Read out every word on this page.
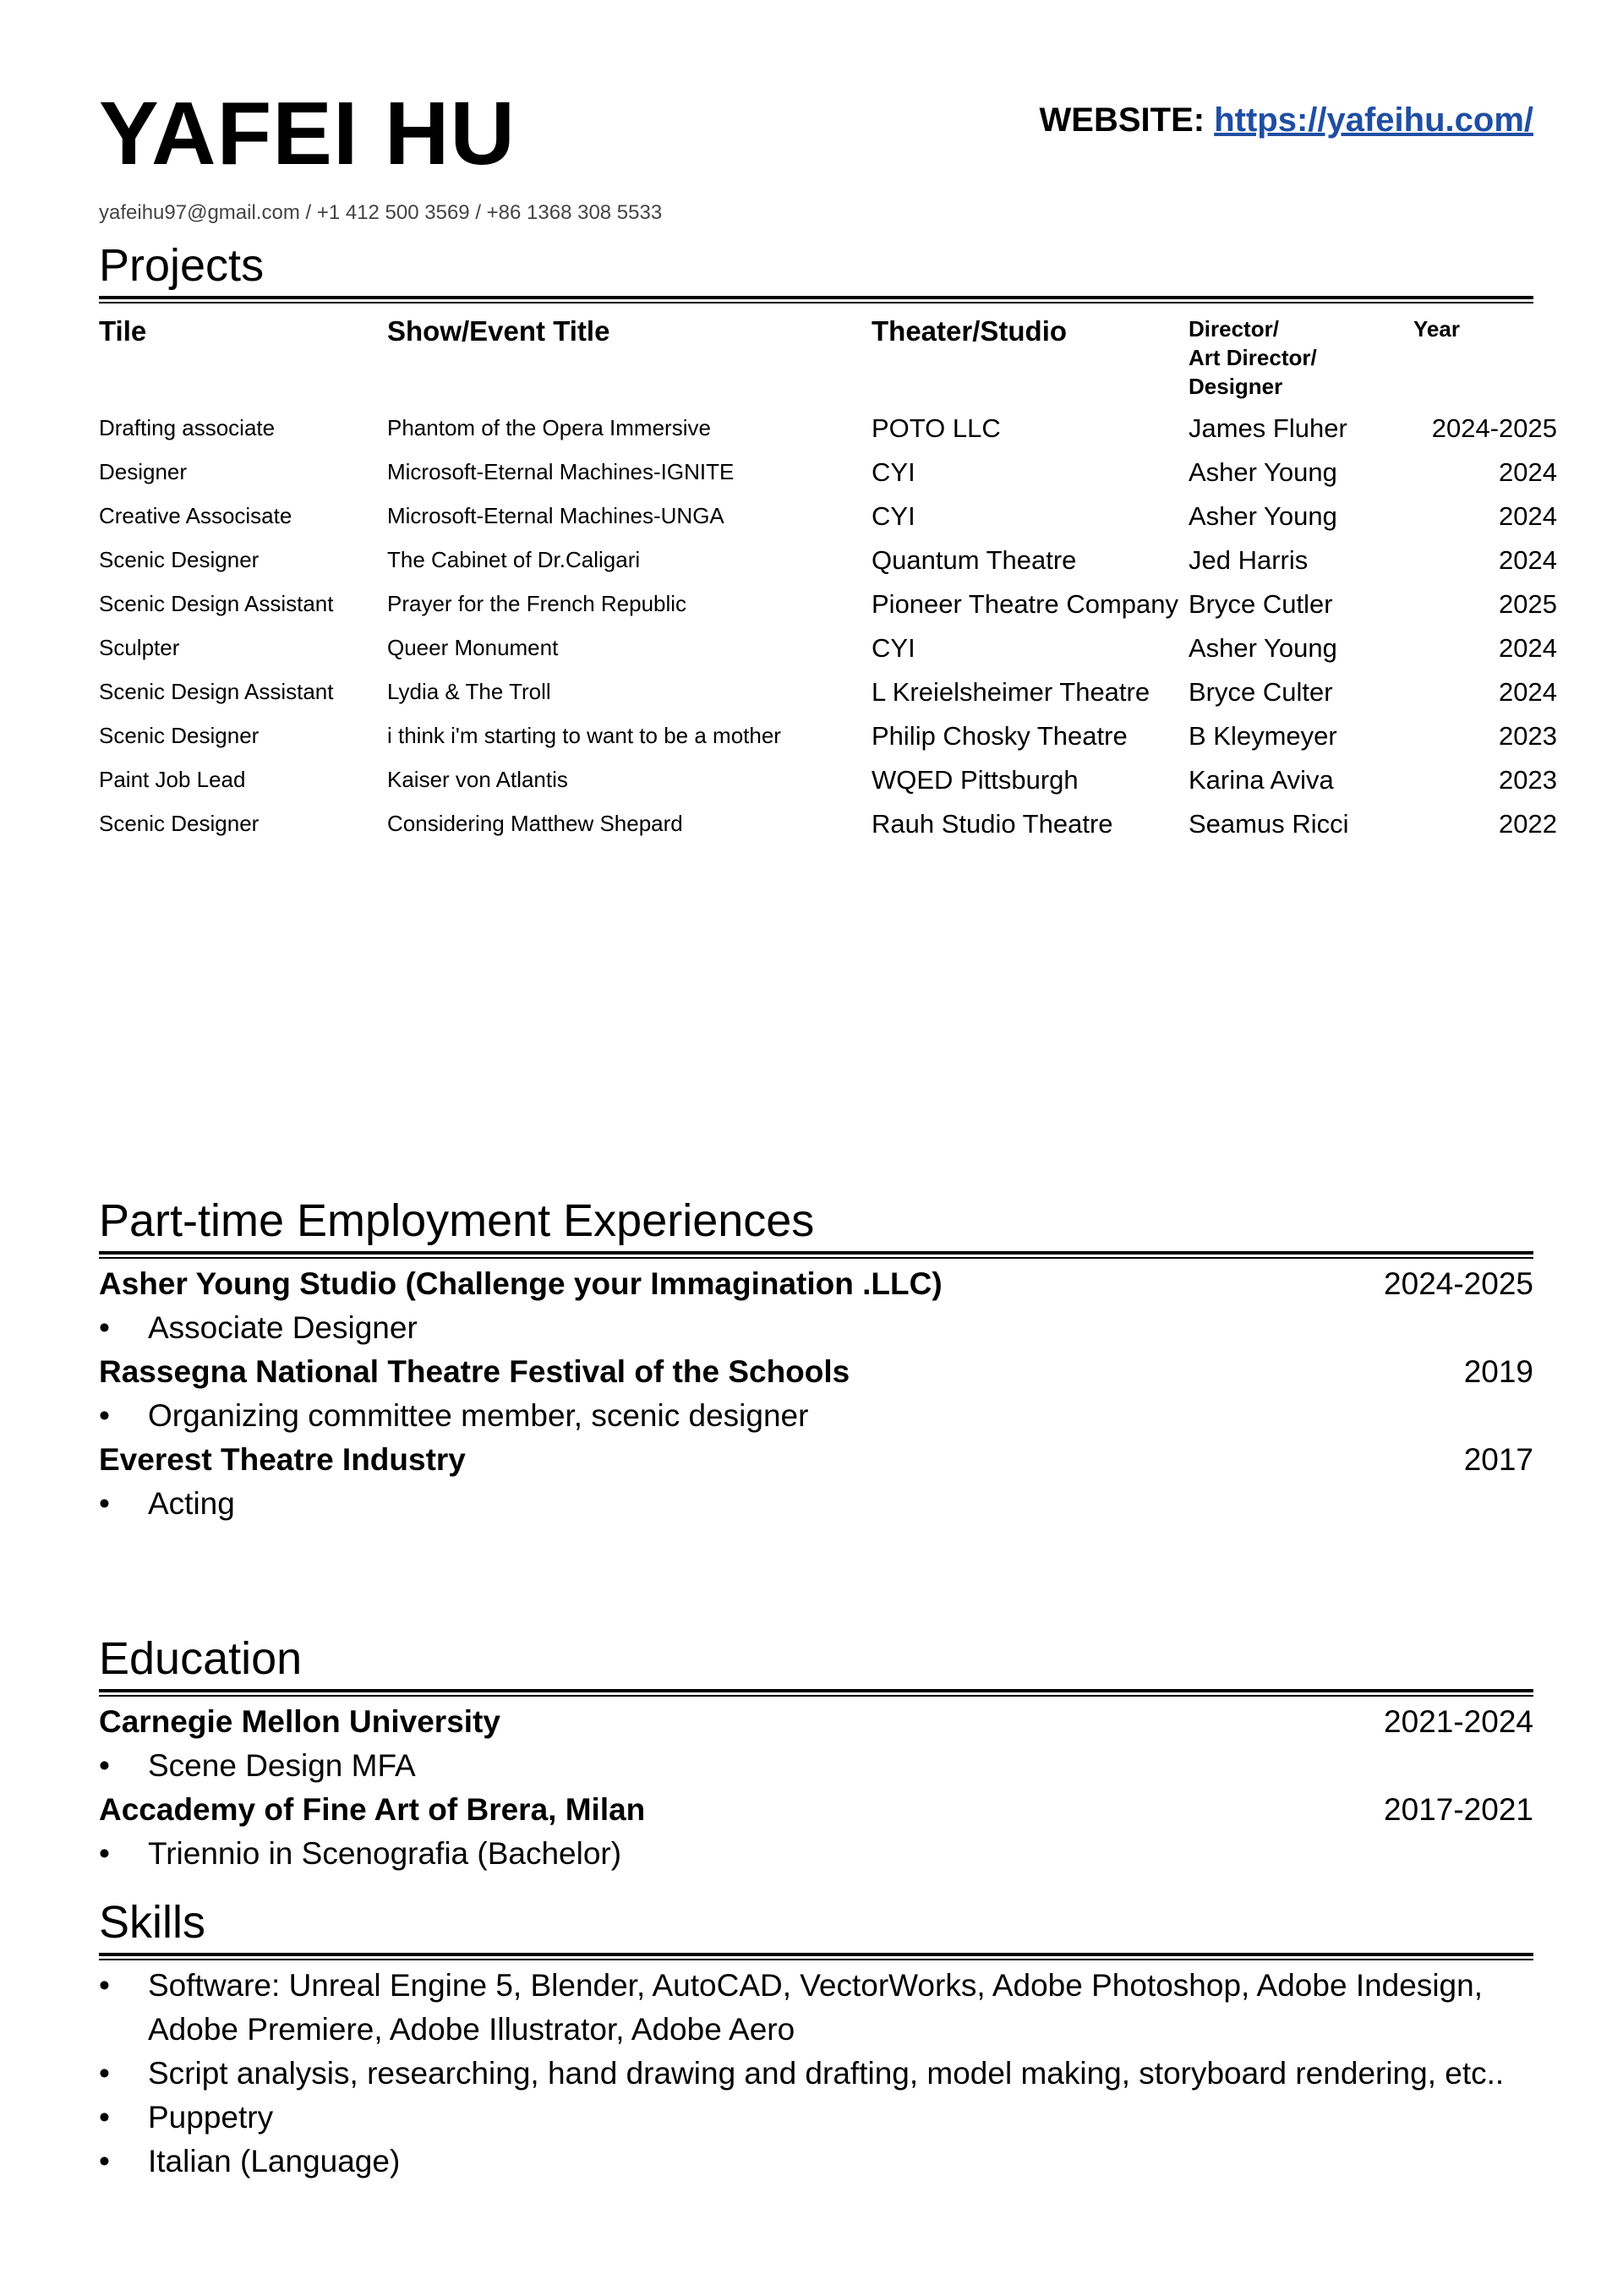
YAFEI HU	WEBSITE: https://yafeihu.com/
yafeihu97@gmail.com / +1 412 500 3569 / +86 1368 308 5533
Projects
Tile	Show/Event Title	Theater/Studio	Director/
Art Director/
Designer	Year
Drafting associate	Phantom of the Opera Immersive	POTO LLC	James Fluher	2024-2025
Designer	Microsoft-Eternal Machines-IGNITE	CYI	Asher Young	2024
Creative Associsate	Microsoft-Eternal Machines-UNGA	CYI	Asher Young	2024
Scenic Designer	The Cabinet of Dr.Caligari	Quantum Theatre	Jed Harris	2024
Scenic Design Assistant	Prayer for the French Republic	Pioneer Theatre Company	Bryce Cutler	2025
Sculpter	Queer Monument	CYI	Asher Young	2024
Scenic Design Assistant	Lydia & The Troll	L Kreielsheimer Theatre	Bryce Culter	2024
Scenic Designer	i think i'm starting to want to be a mother	Philip Chosky Theatre	B Kleymeyer	2023
Paint Job Lead	Kaiser von Atlantis	WQED Pittsburgh	Karina Aviva	2023
Scenic Designer	Considering Matthew Shepard	Rauh Studio Theatre	Seamus Ricci	2022
Part-time Employment Experiences
Asher Young Studio (Challenge your Immagination .LLC)	2024-2025
• Associate Designer
Rassegna National Theatre Festival of the Schools	2019
• Organizing committee member, scenic designer
Everest Theatre Industry	2017
• Acting
Education
Carnegie Mellon University	2021-2024
• Scene Design MFA
Accademy of Fine Art of Brera, Milan	2017-2021
• Triennio in Scenografia (Bachelor)
Skills
• Software: Unreal Engine 5, Blender, AutoCAD, VectorWorks, Adobe Photoshop, Adobe Indesign, Adobe Premiere, Adobe Illustrator, Adobe Aero
• Script analysis, researching, hand drawing and drafting, model making, storyboard rendering, etc..
• Puppetry
• Italian (Language)
